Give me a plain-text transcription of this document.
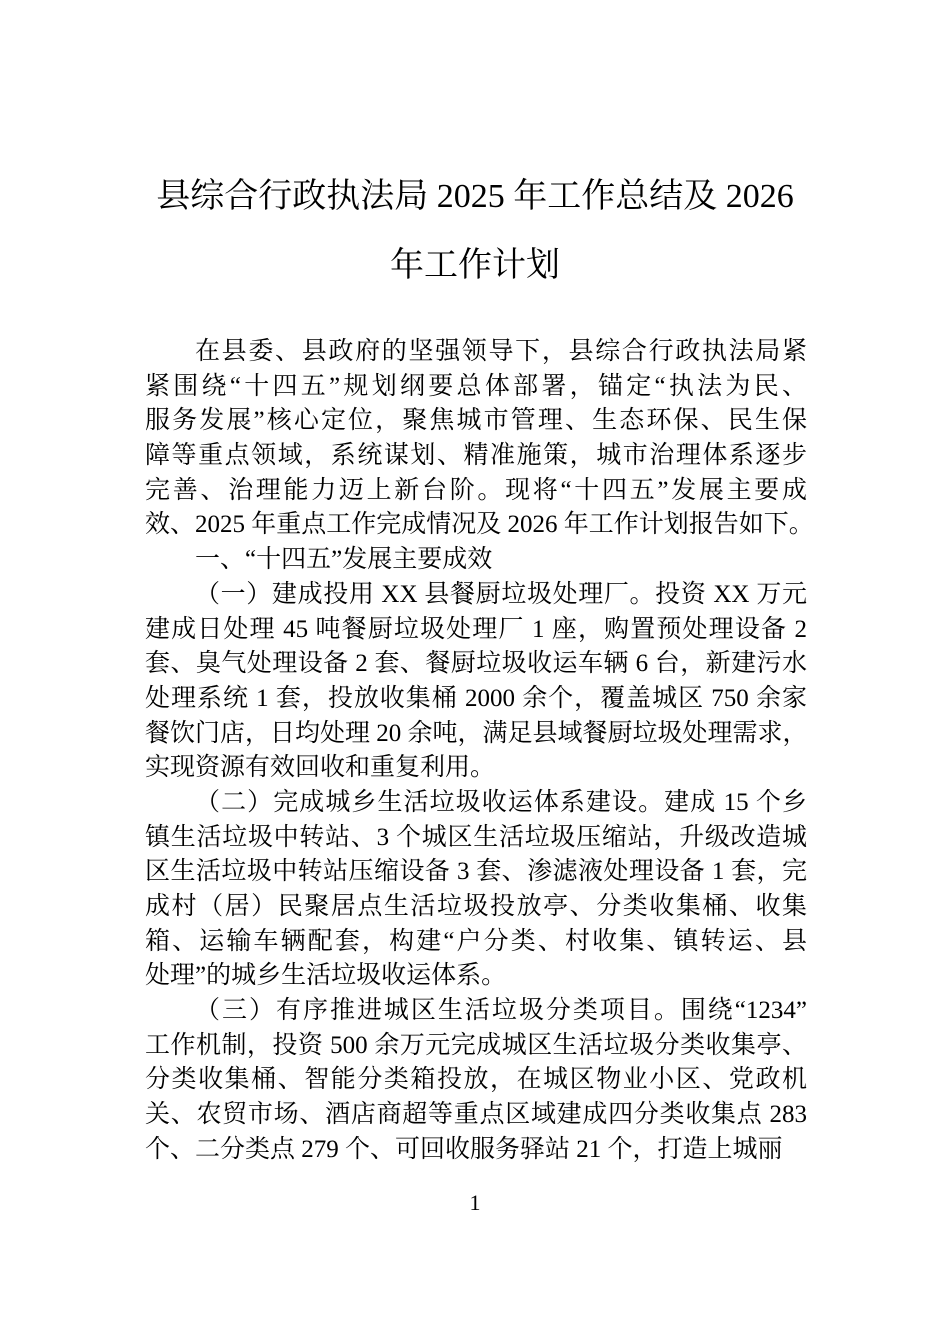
县综合行政执法局 2025 年工作总结及 2026
年工作计划
在县委、县政府的坚强领导下，县综合行政执法局紧
紧围绕“十四五”规划纲要总体部署，锚定“执法为民、
服务发展”核心定位，聚焦城市管理、生态环保、民生保
障等重点领域，系统谋划、精准施策，城市治理体系逐步
完善、治理能力迈上新台阶。现将“十四五”发展主要成
效、2025 年重点工作完成情况及 2026 年工作计划报告如下。
一、“十四五”发展主要成效
（一）建成投用 XX 县餐厨垃圾处理厂。投资 XX 万元
建成日处理 45 吨餐厨垃圾处理厂 1 座，购置预处理设备 2
套、臭气处理设备 2 套、餐厨垃圾收运车辆 6 台，新建污水
处理系统 1 套，投放收集桶 2000 余个，覆盖城区 750 余家
餐饮门店，日均处理 20 余吨，满足县域餐厨垃圾处理需求，
实现资源有效回收和重复利用。
（二）完成城乡生活垃圾收运体系建设。建成 15 个乡
镇生活垃圾中转站、3 个城区生活垃圾压缩站，升级改造城
区生活垃圾中转站压缩设备 3 套、渗滤液处理设备 1 套，完
成村（居）民聚居点生活垃圾投放亭、分类收集桶、收集
箱、运输车辆配套，构建“户分类、村收集、镇转运、县
处理”的城乡生活垃圾收运体系。
（三）有序推进城区生活垃圾分类项目。围绕“1234”
工作机制，投资 500 余万元完成城区生活垃圾分类收集亭、
分类收集桶、智能分类箱投放，在城区物业小区、党政机
关、农贸市场、酒店商超等重点区域建成四分类收集点 283
个、二分类点 279 个、可回收服务驿站 21 个，打造上城丽
1
